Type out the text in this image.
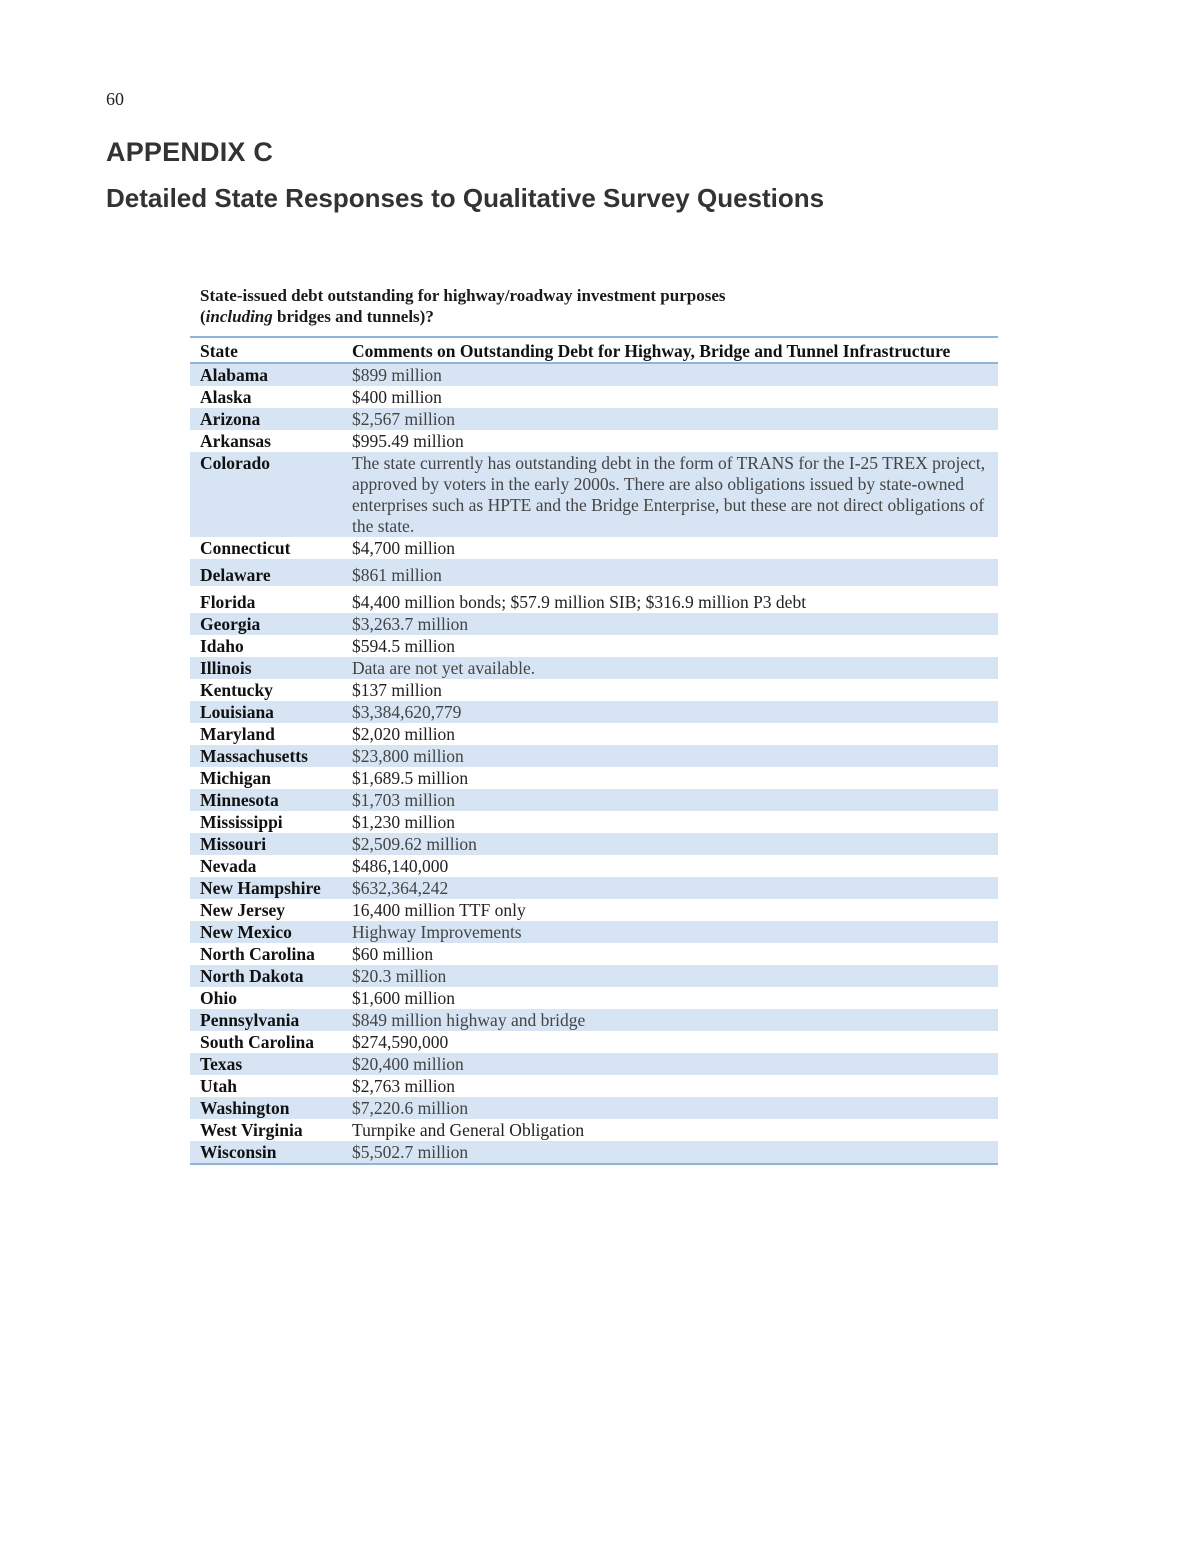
60
APPENDIX C
Detailed State Responses to Qualitative Survey Questions
State-issued debt outstanding for highway/roadway investment purposes
(including bridges and tunnels)?
State	Comments on Outstanding Debt for Highway, Bridge and Tunnel Infrastructure
Alabama	$899 million
Alaska	$400 million
Arizona	$2,567 million
Arkansas	$995.49 million
Colorado	The state currently has outstanding debt in the form of TRANS for the I-25 TREX project, approved by voters in the early 2000s. There are also obligations issued by state-owned enterprises such as HPTE and the Bridge Enterprise, but these are not direct obligations of the state.
Connecticut	$4,700 million
Delaware	$861 million
Florida	$4,400 million bonds; $57.9 million SIB; $316.9 million P3 debt
Georgia	$3,263.7 million
Idaho	$594.5 million
Illinois	Data are not yet available.
Kentucky	$137 million
Louisiana	$3,384,620,779
Maryland	$2,020 million
Massachusetts	$23,800 million
Michigan	$1,689.5 million
Minnesota	$1,703 million
Mississippi	$1,230 million
Missouri	$2,509.62 million
Nevada	$486,140,000
New Hampshire	$632,364,242
New Jersey	16,400 million TTF only
New Mexico	Highway Improvements
North Carolina	$60 million
North Dakota	$20.3 million
Ohio	$1,600 million
Pennsylvania	$849 million highway and bridge
South Carolina	$274,590,000
Texas	$20,400 million
Utah	$2,763 million
Washington	$7,220.6 million
West Virginia	Turnpike and General Obligation
Wisconsin	$5,502.7 million
